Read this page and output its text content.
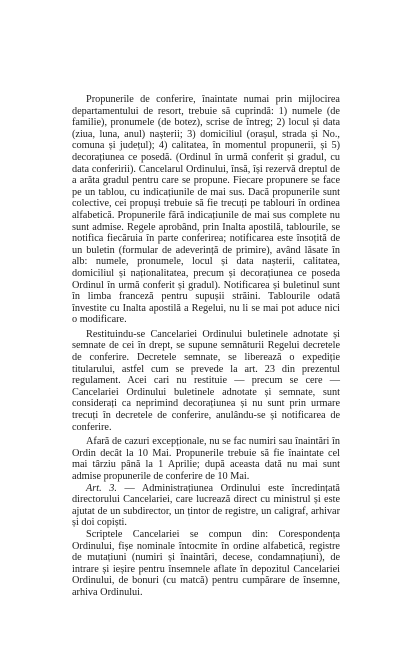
Propunerile de conferire, înaintate numai prin mijlocirea departamentului de resort, trebuie să cuprindă: 1) numele (de familie), pronumele (de botez), scrise de întreg; 2) locul și data (ziua, luna, anul) nașterii; 3) domiciliul (orașul, strada și No., comuna și județul); 4) calitatea, în momentul propunerii, și 5) decorațiunea ce posedă. (Ordinul în urmă conferit și gradul, cu data conferirii). Cancelarul Ordinului, însă, își rezervă dreptul de a arăta gradul pentru care se propune. Fiecare propunere se face pe un tablou, cu indicațiunile de mai sus. Dacă propunerile sunt colective, cei propuși trebuie să fie trecuți pe tablouri în ordinea alfabetică. Propunerile fără indicațiunile de mai sus complete nu sunt admise. Regele aprobând, prin Inalta apostilă, tablourile, se notifica fiecăruia în parte conferirea; notificarea este însoțită de un buletin (formular de adeverință de primire), având lăsate în alb: numele, pronumele, locul și data nașterii, calitatea, domiciliul și naționalitatea, precum și decorațiunea ce poseda Ordinul în urmă conferit și gradul). Notificarea și buletinul sunt în limba franceză pentru supușii străini. Tablourile odată învestite cu Inalta apostilă a Regelui, nu li se mai pot aduce nici o modificare.

Restituindu-se Cancelariei Ordinului buletinele adnotate și semnate de cei în drept, se supune semnăturii Regelui decretele de conferire. Decretele semnate, se liberează o expediție titularului, astfel cum se prevede la art. 23 din prezentul regulament. Acei cari nu restituie — precum se cere — Cancelariei Ordinului buletinele adnotate și semnate, sunt considerați ca neprimind decorațiunea și nu sunt prin urmare trecuți în decretele de conferire, anulându-se și notificarea de conferire.

Afară de cazuri excepționale, nu se fac numiri sau înaintări în Ordin decât la 10 Mai. Propunerile trebuie să fie înaintate cel mai târziu până la 1 Aprilie; după aceasta dată nu mai sunt admise propunerile de conferire de 10 Mai.

Art. 3. — Administrațiunea Ordinului este încredințată directorului Cancelariei, care lucrează direct cu ministrul și este ajutat de un subdirector, un țintor de registre, un caligraf, arhivar și doi copiști.

Scriptele Cancelariei se compun din: Corespondența Ordinului, fișe nominale întocmite în ordine alfabetică, registre de mutațiuni (numiri și înaintări, decese, condamnațiuni), de intrare și ieșire pentru însemnele aflate în depozitul Cancelariei Ordinului, de bonuri (cu matcă) pentru cumpărare de însemne, arhiva Ordinului.
